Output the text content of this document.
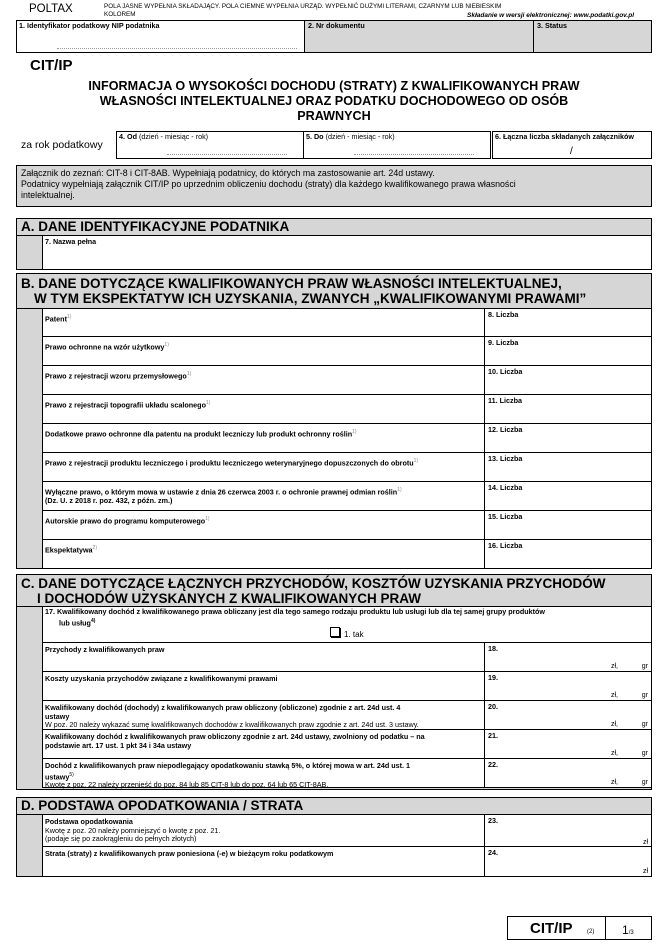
POLTAX	POLA JASNE WYPEŁNIA SKŁADAJĄCY. POLA CIEMNE WYPEŁNIA URZĄD. WYPEŁNIĆ DUŻYMI LITERAMI, CZARNYM LUB NIEBIESKIM
KOLOREM	Składanie w wersji elektronicznej: www.podatki.gov.pl
1. Identyfikator podatkowy NIP podatnika	2. Nr dokumentu	3. Status
CIT/IP
INFORMACJA O WYSOKOŚCI DOCHODU (STRATY) Z KWALIFIKOWANYCH PRAW
WŁASNOŚCI INTELEKTUALNEJ ORAZ PODATKU DOCHODOWEGO OD OSÓB
PRAWNYCH
za rok podatkowy
4. Od (dzień - miesiąc - rok)	5. Do (dzień - miesiąc - rok)	6. Łączna liczba składanych załączników
/
Załącznik do zeznań: CIT-8 i CIT-8AB. Wypełniają podatnicy, do których ma zastosowanie art. 24d ustawy.
Podatnicy wypełniają załącznik CIT/IP po uprzednim obliczeniu dochodu (straty) dla każdego kwalifikowanego prawa własności
intelektualnej.
A. DANE IDENTYFIKACYJNE PODATNIKA
7. Nazwa pełna
B. DANE DOTYCZĄCE KWALIFIKOWANYCH PRAW WŁASNOŚCI INTELEKTUALNEJ,
W TYM EKSPEKTATYW ICH UZYSKANIA, ZWANYCH „KWALIFIKOWANYMI PRAWAMI”
Patent$^{1)}$	8. Liczba
Prawo ochronne na wzór użytkowy$^{1)}$	9. Liczba
Prawo z rejestracji wzoru przemysłowego$^{1)}$	10. Liczba
Prawo z rejestracji topografii układu scalonego$^{1)}$	11. Liczba
Dodatkowe prawo ochronne dla patentu na produkt leczniczy lub produkt ochronny roślin$^{1)}$	12. Liczba
Prawo z rejestracji produktu leczniczego i produktu leczniczego weterynaryjnego dopuszczonych do obrotu$^{1)}$	13. Liczba
Wyłączne prawo, o którym mowa w ustawie z dnia 26 czerwca 2003 r. o ochronie prawnej odmian roślin$^{1)}$
(Dz. U. z 2018 r. poz. 432, z późn. zm.)
14. Liczba
Autorskie prawo do programu komputerowego$^{1)}$	15. Liczba
Ekspektatywa$^{2)}$	16. Liczba
C. DANE DOTYCZĄCE ŁĄCZNYCH PRZYCHODÓW, KOSZTÓW UZYSKANIA PRZYCHODÓW
I DOCHODÓW UZYSKANYCH Z KWALIFIKOWANYCH PRAW
17. Kwalifikowany dochód z kwalifikowanego prawa obliczany jest dla tego samego rodzaju produktu lub usługi lub dla tej samej grupy produktów
lub usług$^{4)}$
1. tak
Przychody z kwalifikowanych praw	18.
zł,	gr
Koszty uzyskania przychodów związane z kwalifikowanymi prawami	19.
zł,	gr
Kwalifikowany dochód (dochody) z kwalifikowanych praw obliczony (obliczone) zgodnie z art. 24d ust. 4
ustawy
W poz. 20 należy wykazać sumę kwalifikowanych dochodów z kwalifikowanych praw zgodnie z art. 24d ust. 3 ustawy.
20.
zł,	gr
Kwalifikowany dochód z kwalifikowanych praw obliczony zgodnie z art. 24d ustawy, zwolniony od podatku – na
podstawie art. 17 ust. 1 pkt 34 i 34a ustawy
21.
zł,	gr
Dochód z kwalifikowanych praw niepodlegający opodatkowaniu stawką 5%, o której mowa w art. 24d ust. 1
ustawy$^{5)}$
Kwotę z poz. 22 należy przenieść do poz. 84 lub 85 CIT-8 lub do poz. 64 lub 65 CIT-8AB.
22.
zł,	gr
D. PODSTAWA OPODATKOWANIA / STRATA
Podstawa opodatkowania
Kwotę z poz. 20 należy pomniejszyć o kwotę z poz. 21.
(podaje się po zaokrągleniu do pełnych złotych)
23.
zł
Strata (straty) z kwalifikowanych praw poniesiona (-e) w bieżącym roku podatkowym	24.
zł
CIT/IP (2) 1/3
